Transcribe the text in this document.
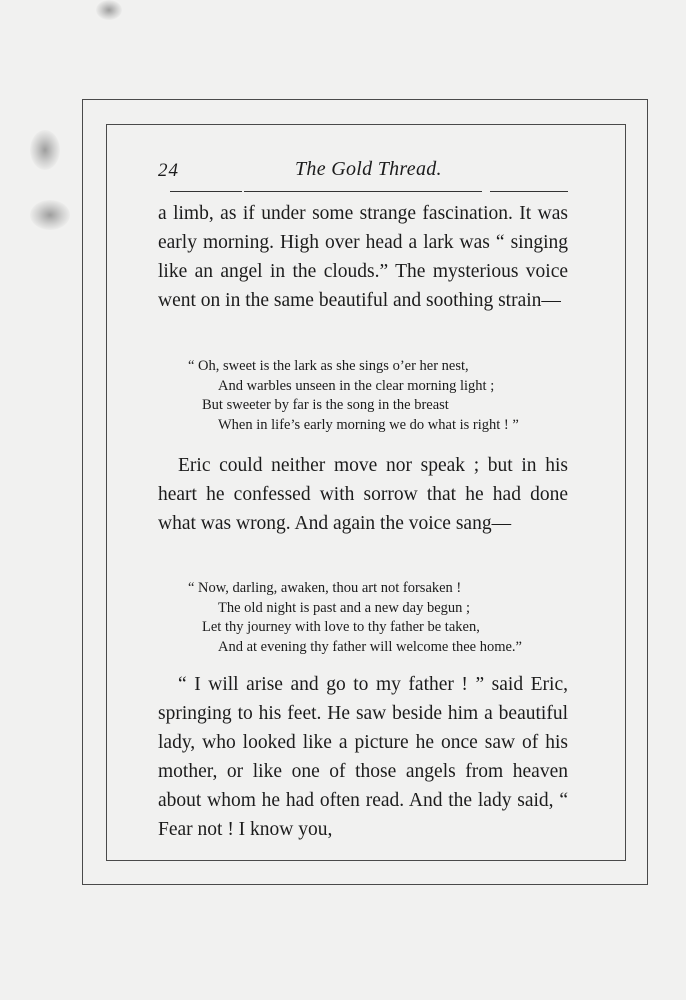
24	The Gold Thread.

a limb, as if under some strange fascination. It was early morning. High over head a lark was “ singing like an angel in the clouds.” The mysterious voice went on in the same beautiful and soothing strain—

“ Oh, sweet is the lark as she sings o’er her nest,
And warbles unseen in the clear morning light ;
But sweeter by far is the song in the breast
When in life’s early morning we do what is right ! ”

Eric could neither move nor speak ; but in his heart he confessed with sorrow that he had done what was wrong. And again the voice sang—

“ Now, darling, awaken, thou art not forsaken !
The old night is past and a new day begun ;
Let thy journey with love to thy father be taken,
And at evening thy father will welcome thee home.”

“ I will arise and go to my father ! ” said Eric, springing to his feet. He saw beside him a beautiful lady, who looked like a picture he once saw of his mother, or like one of those angels from heaven about whom he had often read. And the lady said, “ Fear not ! I know you,
